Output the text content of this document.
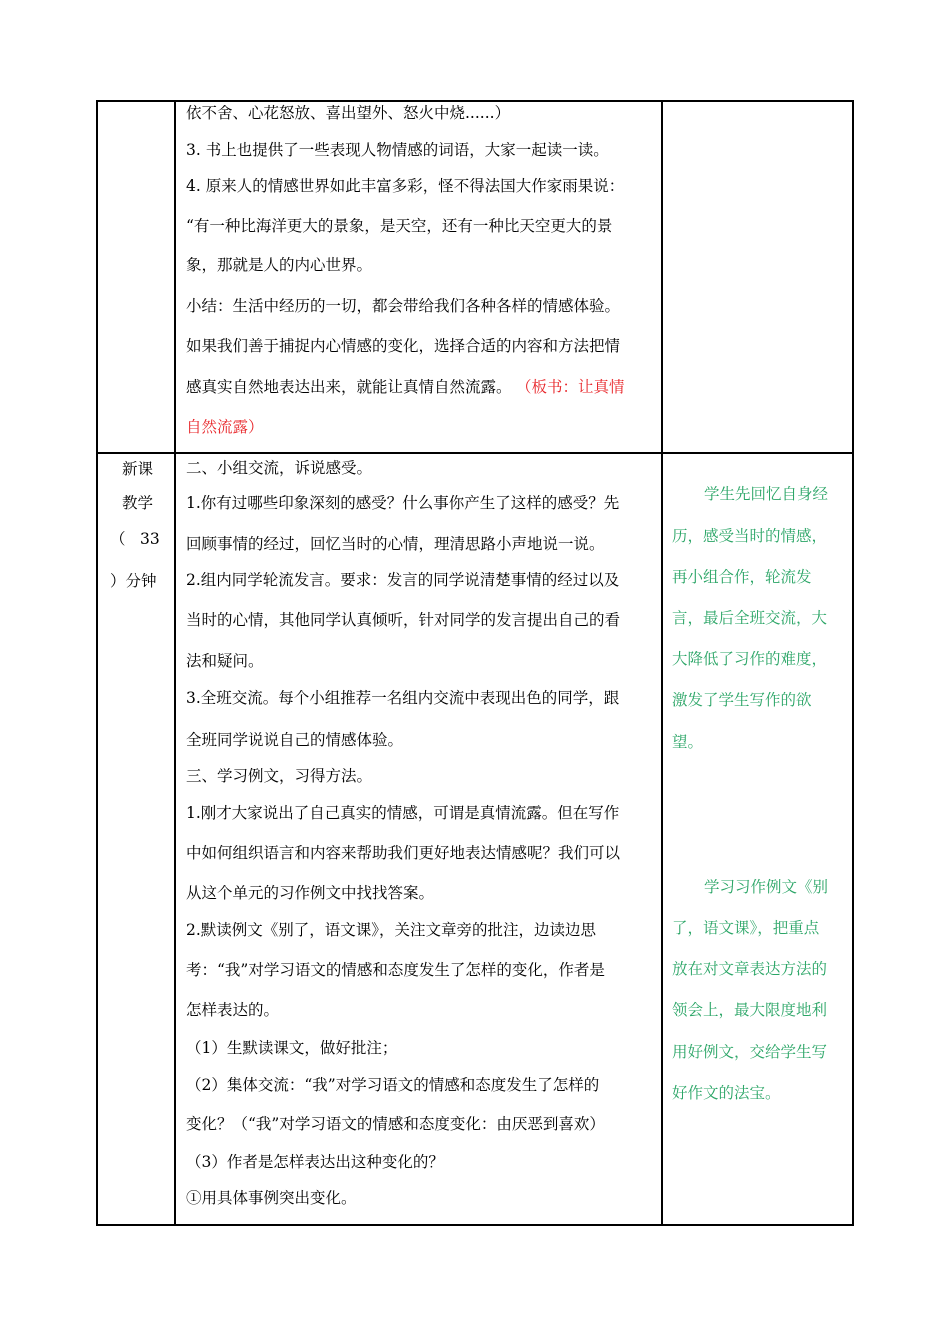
依不舍、心花怒放、喜出望外、怒火中烧......）
3. 书上也提供了一些表现人物情感的词语，大家一起读一读。
4. 原来人的情感世界如此丰富多彩，怪不得法国大作家雨果说：
“有一种比海洋更大的景象，是天空，还有一种比天空更大的景
象，那就是人的内心世界。
小结：生活中经历的一切，都会带给我们各种各样的情感体验。
如果我们善于捕捉内心情感的变化，选择合适的内容和方法把情
感真实自然地表达出来，就能让真情自然流露。 （板书：让真情
自然流露）
新课
教学
（ 33
）分钟
二、小组交流，诉说感受。
1.你有过哪些印象深刻的感受？什么事你产生了这样的感受？先
回顾事情的经过，回忆当时的心情，理清思路小声地说一说。
2.组内同学轮流发言。要求：发言的同学说清楚事情的经过以及
当时的心情，其他同学认真倾听，针对同学的发言提出自己的看
法和疑问。
3.全班交流。每个小组推荐一名组内交流中表现出色的同学，跟
全班同学说说自己的情感体验。
三、学习例文，习得方法。
1.刚才大家说出了自己真实的情感，可谓是真情流露。但在写作
中如何组织语言和内容来帮助我们更好地表达情感呢？我们可以
从这个单元的习作例文中找找答案。
2.默读例文《别了，语文课》，关注文章旁的批注，边读边思
考：“我”对学习语文的情感和态度发生了怎样的变化，作者是
怎样表达的。
（1）生默读课文，做好批注；
（2）集体交流：“我”对学习语文的情感和态度发生了怎样的
变化？（“我”对学习语文的情感和态度变化：由厌恶到喜欢）
（3）作者是怎样表达出这种变化的？
①用具体事例突出变化。
学生先回忆自身经
历，感受当时的情感，
再小组合作，轮流发
言，最后全班交流，大
大降低了习作的难度，
激发了学生写作的欲
望。
学习习作例文《别
了，语文课》，把重点
放在对文章表达方法的
领会上，最大限度地利
用好例文，交给学生写
好作文的法宝。
